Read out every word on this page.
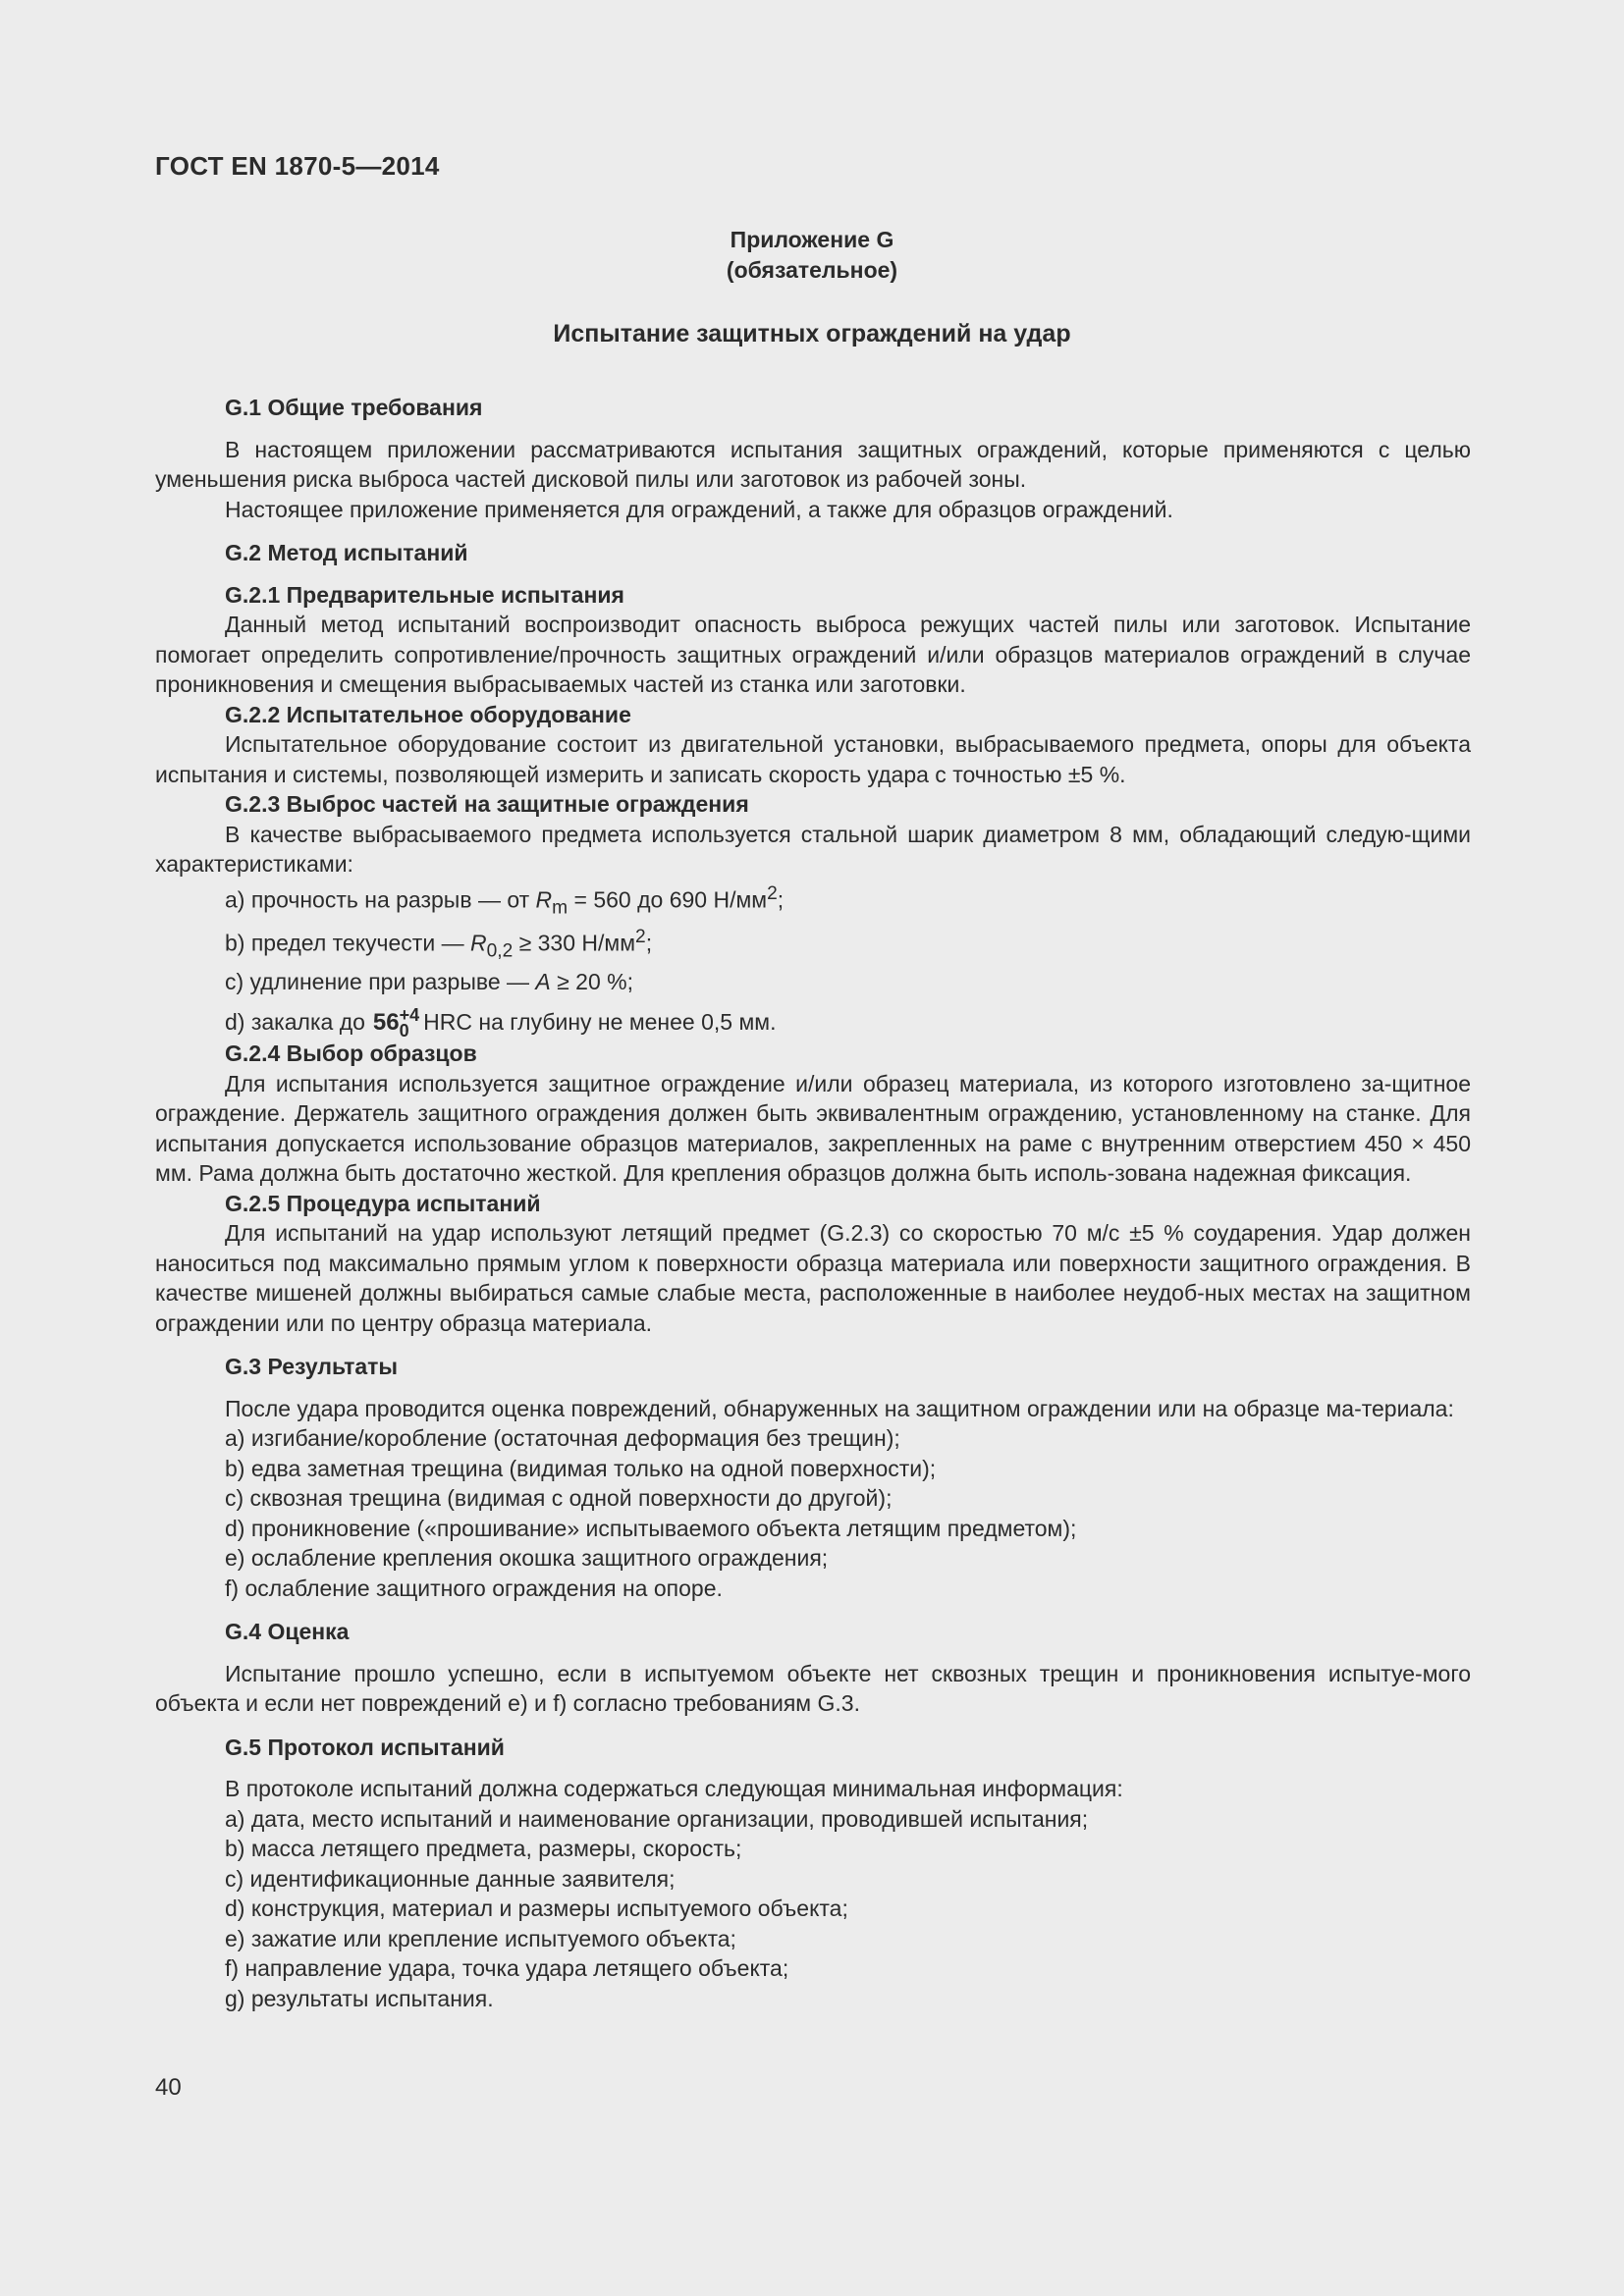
ГОСТ EN 1870-5—2014
Приложение G
(обязательное)
Испытание защитных ограждений на удар

G.1 Общие требования

В настоящем приложении рассматриваются испытания защитных ограждений, которые применяются с целью уменьшения риска выброса частей дисковой пилы или заготовок из рабочей зоны.

Настоящее приложение применяется для ограждений, а также для образцов ограждений.

G.2 Метод испытаний

G.2.1 Предварительные испытания

Данный метод испытаний воспроизводит опасность выброса режущих частей пилы или заготовок. Испытание помогает определить сопротивление/прочность защитных ограждений и/или образцов материалов ограждений в случае проникновения и смещения выбрасываемых частей из станка или заготовки.

G.2.2 Испытательное оборудование

Испытательное оборудование состоит из двигательной установки, выбрасываемого предмета, опоры для объекта испытания и системы, позволяющей измерить и записать скорость удара с точностью ±5 %.

G.2.3 Выброс частей на защитные ограждения

В качестве выбрасываемого предмета используется стальной шарик диаметром 8 мм, обладающий следую-щими характеристиками:

a) прочность на разрыв — от $R_m = 560$ до 690 $Н/мм^2$;

b) предел текучести — $R_{0,2} \ge 330$ $Н/мм^2$;

c) удлинение при разрыве — A ≥ 20 %;

d) закалка до 56+4
0 HRC на глубину не менее 0,5 мм.

G.2.4 Выбор образцов

Для испытания используется защитное ограждение и/или образец материала, из которого изготовлено за-щитное ограждение. Держатель защитного ограждения должен быть эквивалентным ограждению, установленному на станке. Для испытания допускается использование образцов материалов, закрепленных на раме с внутренним отверстием 450 × 450 мм. Рама должна быть достаточно жесткой. Для крепления образцов должна быть исполь-зована надежная фиксация.

G.2.5 Процедура испытаний

Для испытаний на удар используют летящий предмет (G.2.3) со скоростью 70 м/с ±5 % соударения. Удар должен наноситься под максимально прямым углом к поверхности образца материала или поверхности защитного ограждения. В качестве мишеней должны выбираться самые слабые места, расположенные в наиболее неудоб-ных местах на защитном ограждении или по центру образца материала.

G.3 Результаты

После удара проводится оценка повреждений, обнаруженных на защитном ограждении или на образце ма-териала:

a) изгибание/коробление (остаточная деформация без трещин);

b) едва заметная трещина (видимая только на одной поверхности);

c) сквозная трещина (видимая с одной поверхности до другой);

d) проникновение («прошивание» испытываемого объекта летящим предметом);

e) ослабление крепления окошка защитного ограждения;

f) ослабление защитного ограждения на опоре.

G.4 Оценка

Испытание прошло успешно, если в испытуемом объекте нет сквозных трещин и проникновения испытуе-мого объекта и если нет повреждений e) и f) согласно требованиям G.3.

G.5 Протокол испытаний

В протоколе испытаний должна содержаться следующая минимальная информация:

a) дата, место испытаний и наименование организации, проводившей испытания;

b) масса летящего предмета, размеры, скорость;

c) идентификационные данные заявителя;

d) конструкция, материал и размеры испытуемого объекта;

e) зажатие или крепление испытуемого объекта;

f) направление удара, точка удара летящего объекта;

g) результаты испытания.

40
